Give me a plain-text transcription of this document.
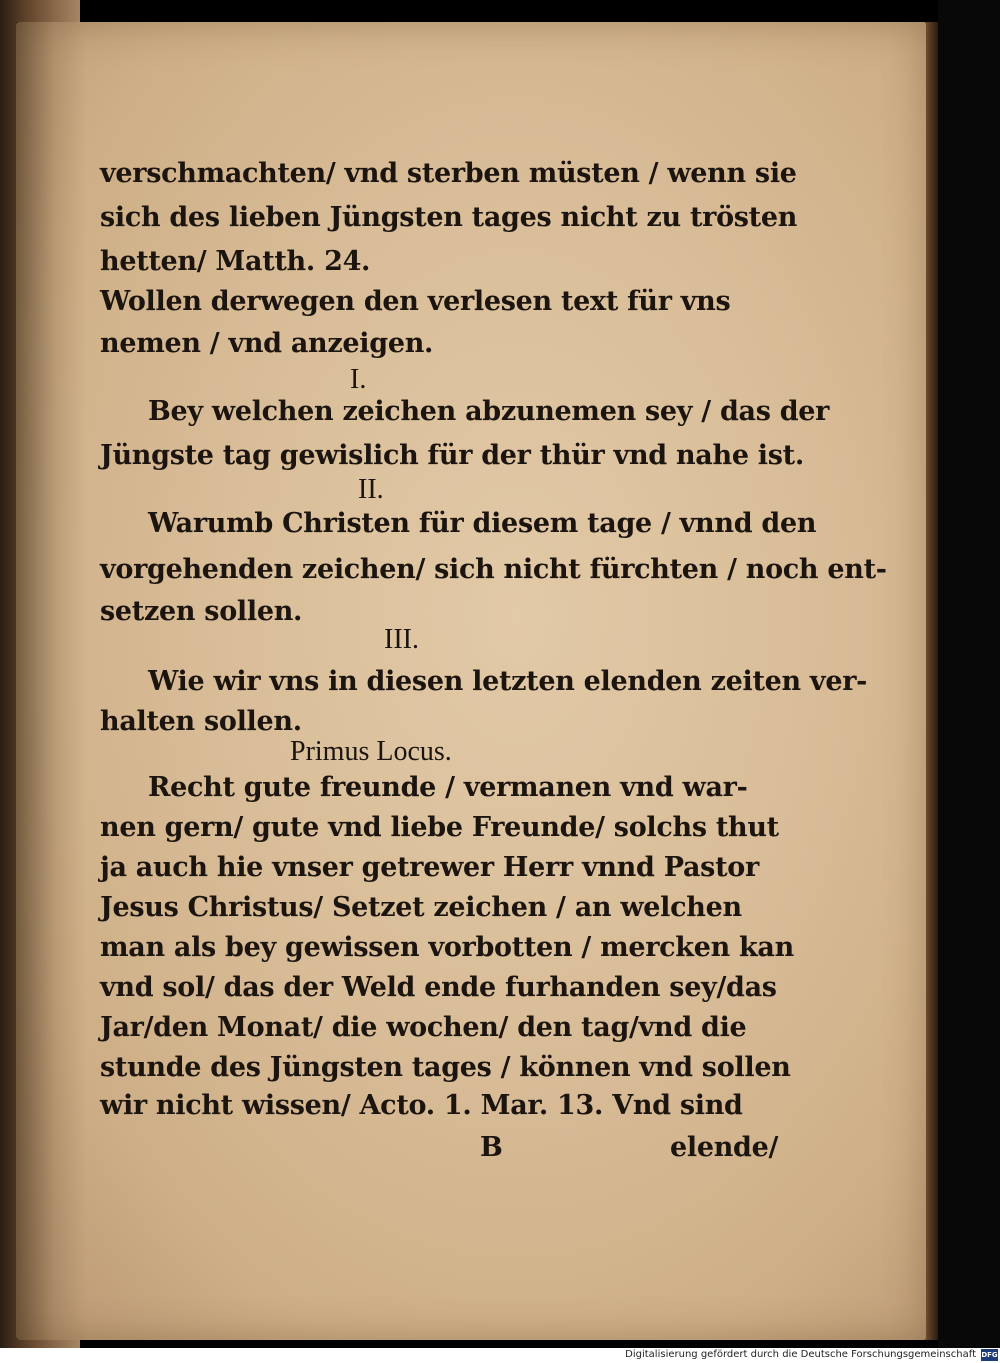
verschmachten/ vnd sterben müsten / wenn sie
sich des lieben Jüngsten tages nicht zu trösten
hetten/ Matth. 24.
Wollen derwegen den verlesen text für vns
nemen / vnd anzeigen.
I.
Bey welchen zeichen abzunemen sey / das der
Jüngste tag gewislich für der thür vnd nahe ist.
II.
Warumb Christen für diesem tage / vnnd den
vorgehenden zeichen/ sich nicht fürchten / noch ent-
setzen sollen.
III.
Wie wir vns in diesen letzten elenden zeiten ver-
halten sollen.
Primus Locus.
Recht gute freunde / vermanen vnd war-
nen gern/ gute vnd liebe Freunde/ solchs thut
ja auch hie vnser getrewer Herr vnnd Pastor
Jesus Christus/ Setzet zeichen / an welchen
man als bey gewissen vorbotten / mercken kan
vnd sol/ das der Weld ende furhanden sey/das
Jar/den Monat/ die wochen/ den tag/vnd die
stunde des Jüngsten tages / können vnd sollen
wir nicht wissen/ Acto. 1. Mar. 13. Vnd sind
B	elende/
Digitalisierung gefördert durch die Deutsche Forschungsgemeinschaft DFG
